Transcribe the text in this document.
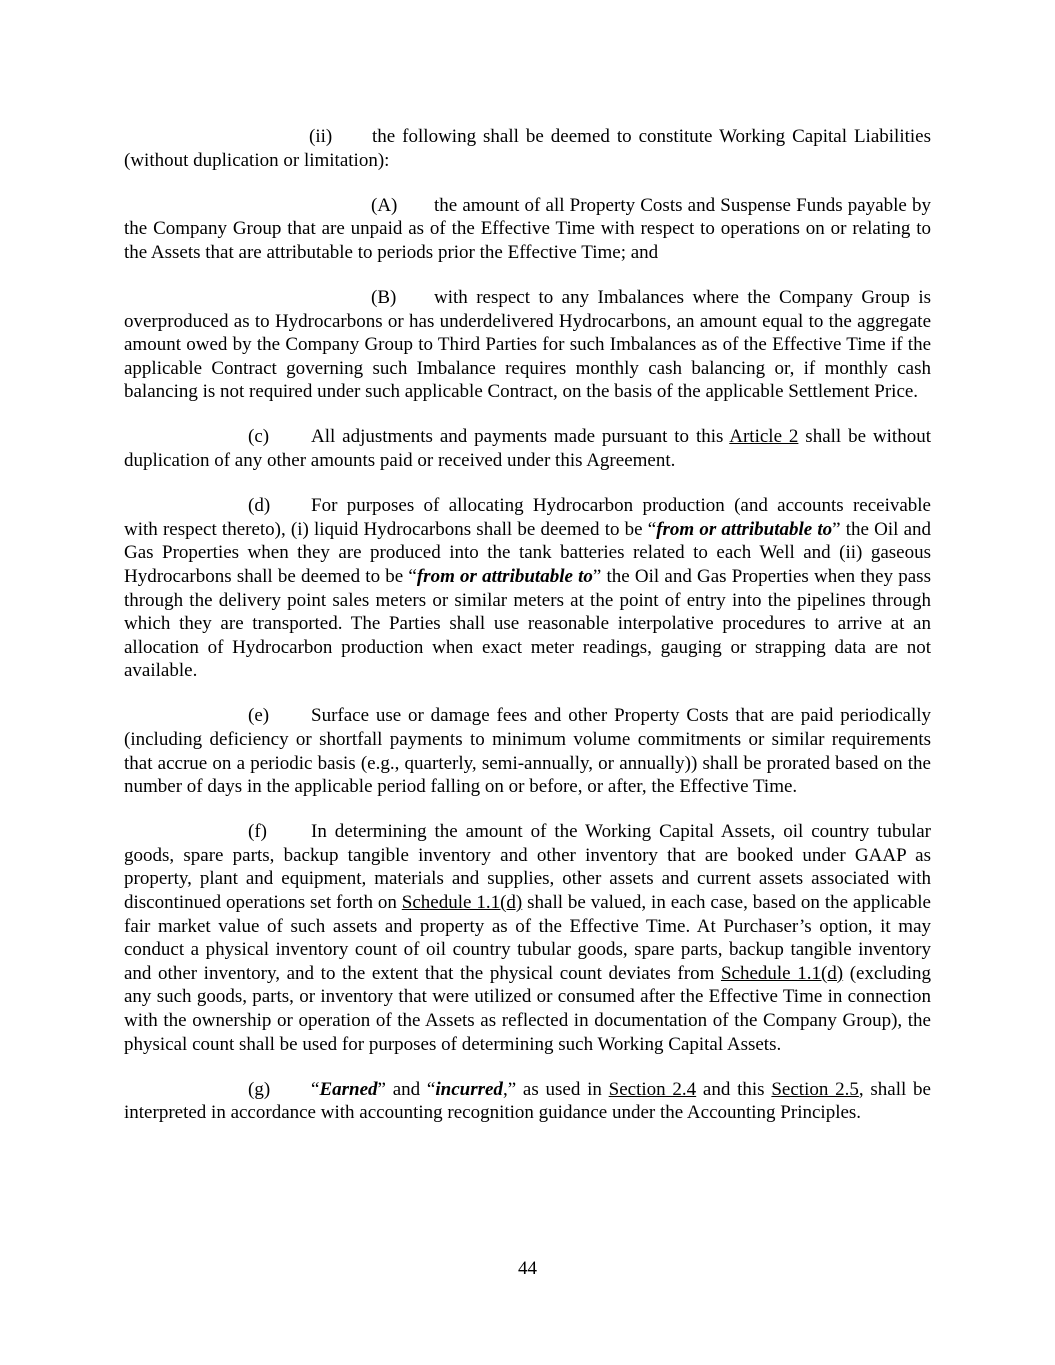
(ii) the following shall be deemed to constitute Working Capital Liabilities (without duplication or limitation):

(A) the amount of all Property Costs and Suspense Funds payable by the Company Group that are unpaid as of the Effective Time with respect to operations on or relating to the Assets that are attributable to periods prior the Effective Time; and

(B) with respect to any Imbalances where the Company Group is overproduced as to Hydrocarbons or has underdelivered Hydrocarbons, an amount equal to the aggregate amount owed by the Company Group to Third Parties for such Imbalances as of the Effective Time if the applicable Contract governing such Imbalance requires monthly cash balancing or, if monthly cash balancing is not required under such applicable Contract, on the basis of the applicable Settlement Price.

(c) All adjustments and payments made pursuant to this Article 2 shall be without duplication of any other amounts paid or received under this Agreement.

(d) For purposes of allocating Hydrocarbon production (and accounts receivable with respect thereto), (i) liquid Hydrocarbons shall be deemed to be “from or attributable to” the Oil and Gas Properties when they are produced into the tank batteries related to each Well and (ii) gaseous Hydrocarbons shall be deemed to be “from or attributable to” the Oil and Gas Properties when they pass through the delivery point sales meters or similar meters at the point of entry into the pipelines through which they are transported. The Parties shall use reasonable interpolative procedures to arrive at an allocation of Hydrocarbon production when exact meter readings, gauging or strapping data are not available.

(e) Surface use or damage fees and other Property Costs that are paid periodically (including deficiency or shortfall payments to minimum volume commitments or similar requirements that accrue on a periodic basis (e.g., quarterly, semi-annually, or annually)) shall be prorated based on the number of days in the applicable period falling on or before, or after, the Effective Time.

(f) In determining the amount of the Working Capital Assets, oil country tubular goods, spare parts, backup tangible inventory and other inventory that are booked under GAAP as property, plant and equipment, materials and supplies, other assets and current assets associated with discontinued operations set forth on Schedule 1.1(d) shall be valued, in each case, based on the applicable fair market value of such assets and property as of the Effective Time. At Purchaser’s option, it may conduct a physical inventory count of oil country tubular goods, spare parts, backup tangible inventory and other inventory, and to the extent that the physical count deviates from Schedule 1.1(d) (excluding any such goods, parts, or inventory that were utilized or consumed after the Effective Time in connection with the ownership or operation of the Assets as reflected in documentation of the Company Group), the physical count shall be used for purposes of determining such Working Capital Assets.

(g) “Earned” and “incurred,” as used in Section 2.4 and this Section 2.5, shall be interpreted in accordance with accounting recognition guidance under the Accounting Principles.

44
